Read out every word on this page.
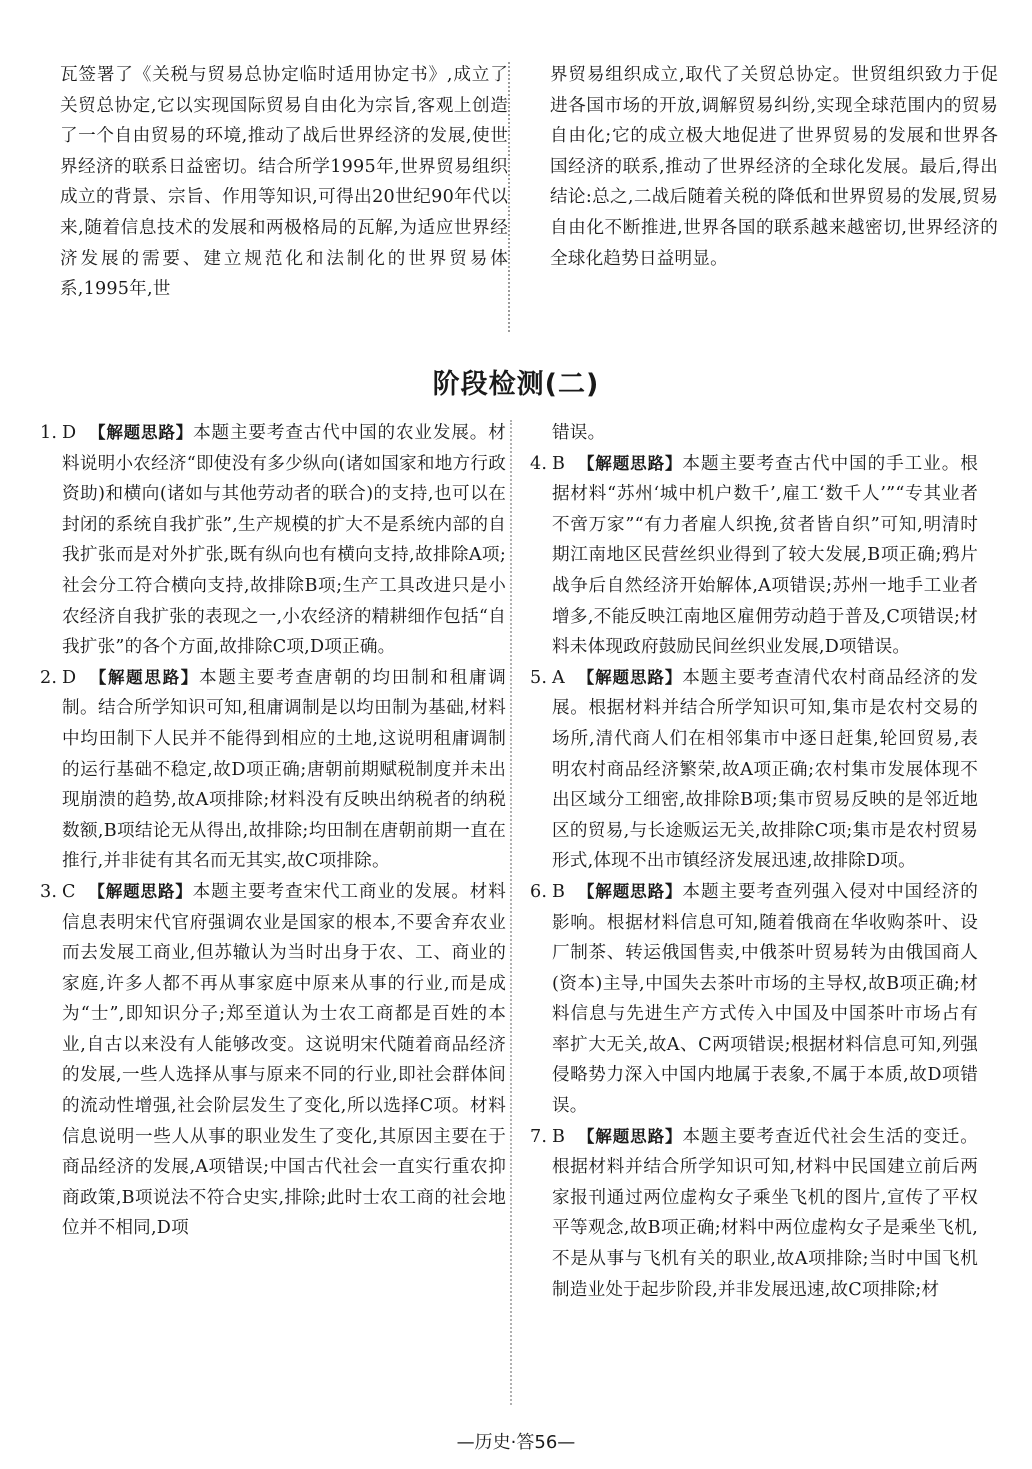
瓦签署了《关税与贸易总协定临时适用协定书》,成立了关贸总协定,它以实现国际贸易自由化为宗旨,客观上创造了一个自由贸易的环境,推动了战后世界经济的发展,使世界经济的联系日益密切。结合所学1995年,世界贸易组织成立的背景、宗旨、作用等知识,可得出20世纪90年代以来,随着信息技术的发展和两极格局的瓦解,为适应世界经济发展的需要、建立规范化和法制化的世界贸易体系,1995年,世

界贸易组织成立,取代了关贸总协定。世贸组织致力于促进各国市场的开放,调解贸易纠纷,实现全球范围内的贸易自由化;它的成立极大地促进了世界贸易的发展和世界各国经济的联系,推动了世界经济的全球化发展。最后,得出结论:总之,二战后随着关税的降低和世界贸易的发展,贸易自由化不断推进,世界各国的联系越来越密切,世界经济的全球化趋势日益明显。

阶段检测(二)

1. D 【解题思路】本题主要考查古代中国的农业发展。材料说明小农经济“即使没有多少纵向(诸如国家和地方行政资助)和横向(诸如与其他劳动者的联合)的支持,也可以在封闭的系统自我扩张”,生产规模的扩大不是系统内部的自我扩张而是对外扩张,既有纵向也有横向支持,故排除A项;社会分工符合横向支持,故排除B项;生产工具改进只是小农经济自我扩张的表现之一,小农经济的精耕细作包括“自我扩张”的各个方面,故排除C项,D项正确。

2. D 【解题思路】本题主要考查唐朝的均田制和租庸调制。结合所学知识可知,租庸调制是以均田制为基础,材料中均田制下人民并不能得到相应的土地,这说明租庸调制的运行基础不稳定,故D项正确;唐朝前期赋税制度并未出现崩溃的趋势,故A项排除;材料没有反映出纳税者的纳税数额,B项结论无从得出,故排除;均田制在唐朝前期一直在推行,并非徒有其名而无其实,故C项排除。

3. C 【解题思路】本题主要考查宋代工商业的发展。材料信息表明宋代官府强调农业是国家的根本,不要舍弃农业而去发展工商业,但苏辙认为当时出身于农、工、商业的家庭,许多人都不再从事家庭中原来从事的行业,而是成为“士”,即知识分子;郑至道认为士农工商都是百姓的本业,自古以来没有人能够改变。这说明宋代随着商品经济的发展,一些人选择从事与原来不同的行业,即社会群体间的流动性增强,社会阶层发生了变化,所以选择C项。材料信息说明一些人从事的职业发生了变化,其原因主要在于商品经济的发展,A项错误;中国古代社会一直实行重农抑商政策,B项说法不符合史实,排除;此时士农工商的社会地位并不相同,D项

错误。

4. B 【解题思路】本题主要考查古代中国的手工业。根据材料“苏州‘城中机户数千’,雇工‘数千人’”“专其业者不啻万家”“有力者雇人织挽,贫者皆自织”可知,明清时期江南地区民营丝织业得到了较大发展,B项正确;鸦片战争后自然经济开始解体,A项错误;苏州一地手工业者增多,不能反映江南地区雇佣劳动趋于普及,C项错误;材料未体现政府鼓励民间丝织业发展,D项错误。

5. A 【解题思路】本题主要考查清代农村商品经济的发展。根据材料并结合所学知识可知,集市是农村交易的场所,清代商人们在相邻集市中逐日赶集,轮回贸易,表明农村商品经济繁荣,故A项正确;农村集市发展体现不出区域分工细密,故排除B项;集市贸易反映的是邻近地区的贸易,与长途贩运无关,故排除C项;集市是农村贸易形式,体现不出市镇经济发展迅速,故排除D项。

6. B 【解题思路】本题主要考查列强入侵对中国经济的影响。根据材料信息可知,随着俄商在华收购茶叶、设厂制茶、转运俄国售卖,中俄茶叶贸易转为由俄国商人(资本)主导,中国失去茶叶市场的主导权,故B项正确;材料信息与先进生产方式传入中国及中国茶叶市场占有率扩大无关,故A、C两项错误;根据材料信息可知,列强侵略势力深入中国内地属于表象,不属于本质,故D项错误。

7. B 【解题思路】本题主要考查近代社会生活的变迁。根据材料并结合所学知识可知,材料中民国建立前后两家报刊通过两位虚构女子乘坐飞机的图片,宣传了平权平等观念,故B项正确;材料中两位虚构女子是乘坐飞机,不是从事与飞机有关的职业,故A项排除;当时中国飞机制造业处于起步阶段,并非发展迅速,故C项排除;材

—历史·答56—
